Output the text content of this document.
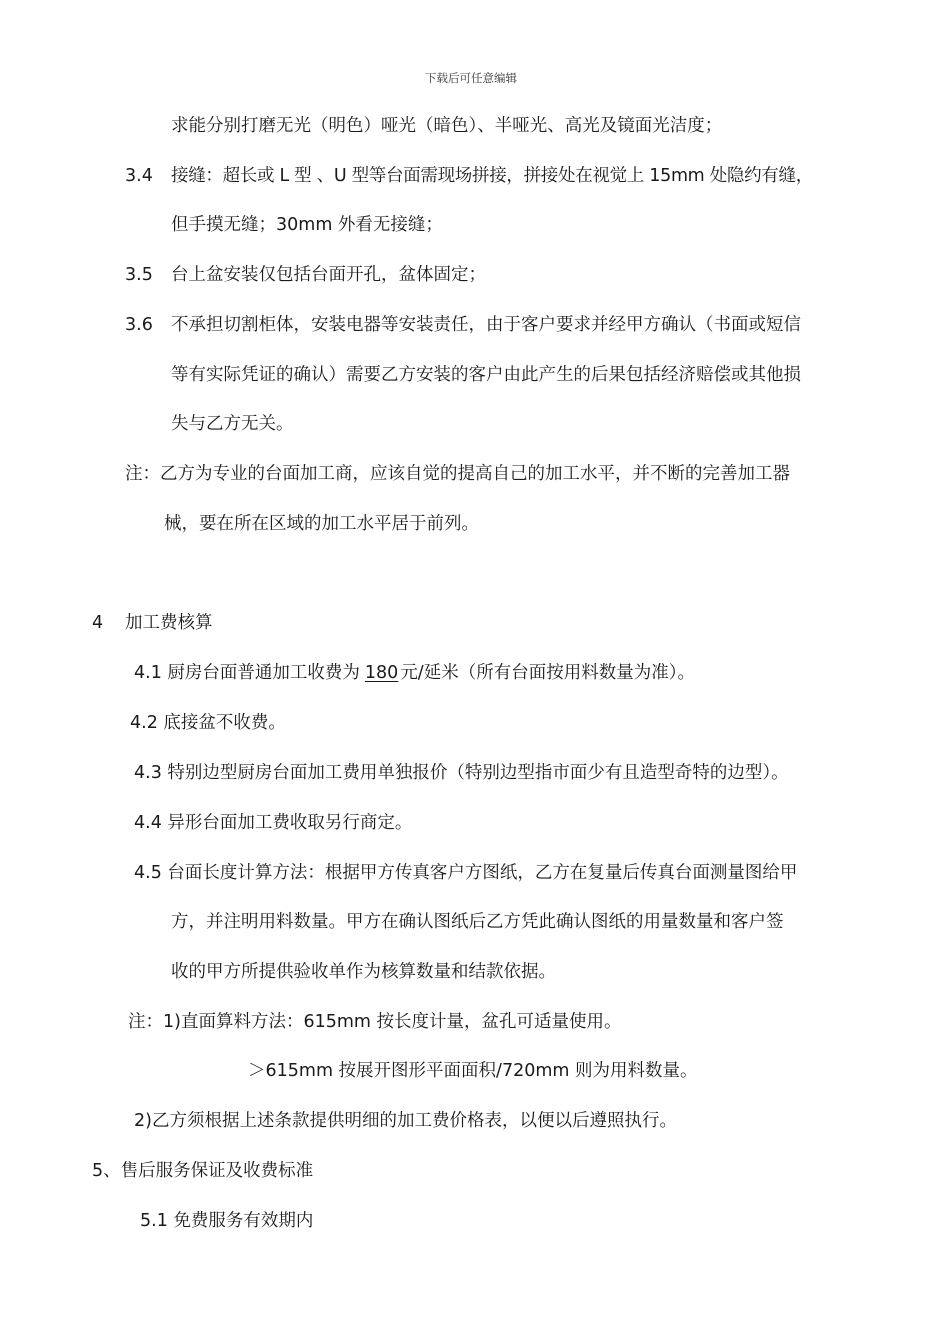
下载后可任意编辑
求能分别打磨无光（明色）哑光（暗色）、半哑光、高光及镜面光洁度；
3.4 接缝：超长或 L 型 、U 型等台面需现场拼接，拼接处在视觉上 15mm 处隐约有缝，
但手摸无缝；30mm 外看无接缝；
3.5 台上盆安装仅包括台面开孔，盆体固定；
3.6 不承担切割柜体，安装电器等安装责任，由于客户要求并经甲方确认（书面或短信
等有实际凭证的确认）需要乙方安装的客户由此产生的后果包括经济赔偿或其他损
失与乙方无关。
注：乙方为专业的台面加工商，应该自觉的提高自己的加工水平，并不断的完善加工器
械，要在所在区域的加工水平居于前列。
4 加工费核算
4.1 厨房台面普通加工收费为 180 元/延米（所有台面按用料数量为准）。
4.2 底接盆不收费。
4.3 特别边型厨房台面加工费用单独报价（特别边型指市面少有且造型奇特的边型）。
4.4 异形台面加工费收取另行商定。
4.5 台面长度计算方法：根据甲方传真客户方图纸，乙方在复量后传真台面测量图给甲
方，并注明用料数量。甲方在确认图纸后乙方凭此确认图纸的用量数量和客户签
收的甲方所提供验收单作为核算数量和结款依据。
注：1)直面算料方法：615mm 按长度计量，盆孔可适量使用。
＞615mm 按展开图形平面面积/720mm 则为用料数量。
2)乙方须根据上述条款提供明细的加工费价格表，以便以后遵照执行。
5、售后服务保证及收费标准
5.1 免费服务有效期内
